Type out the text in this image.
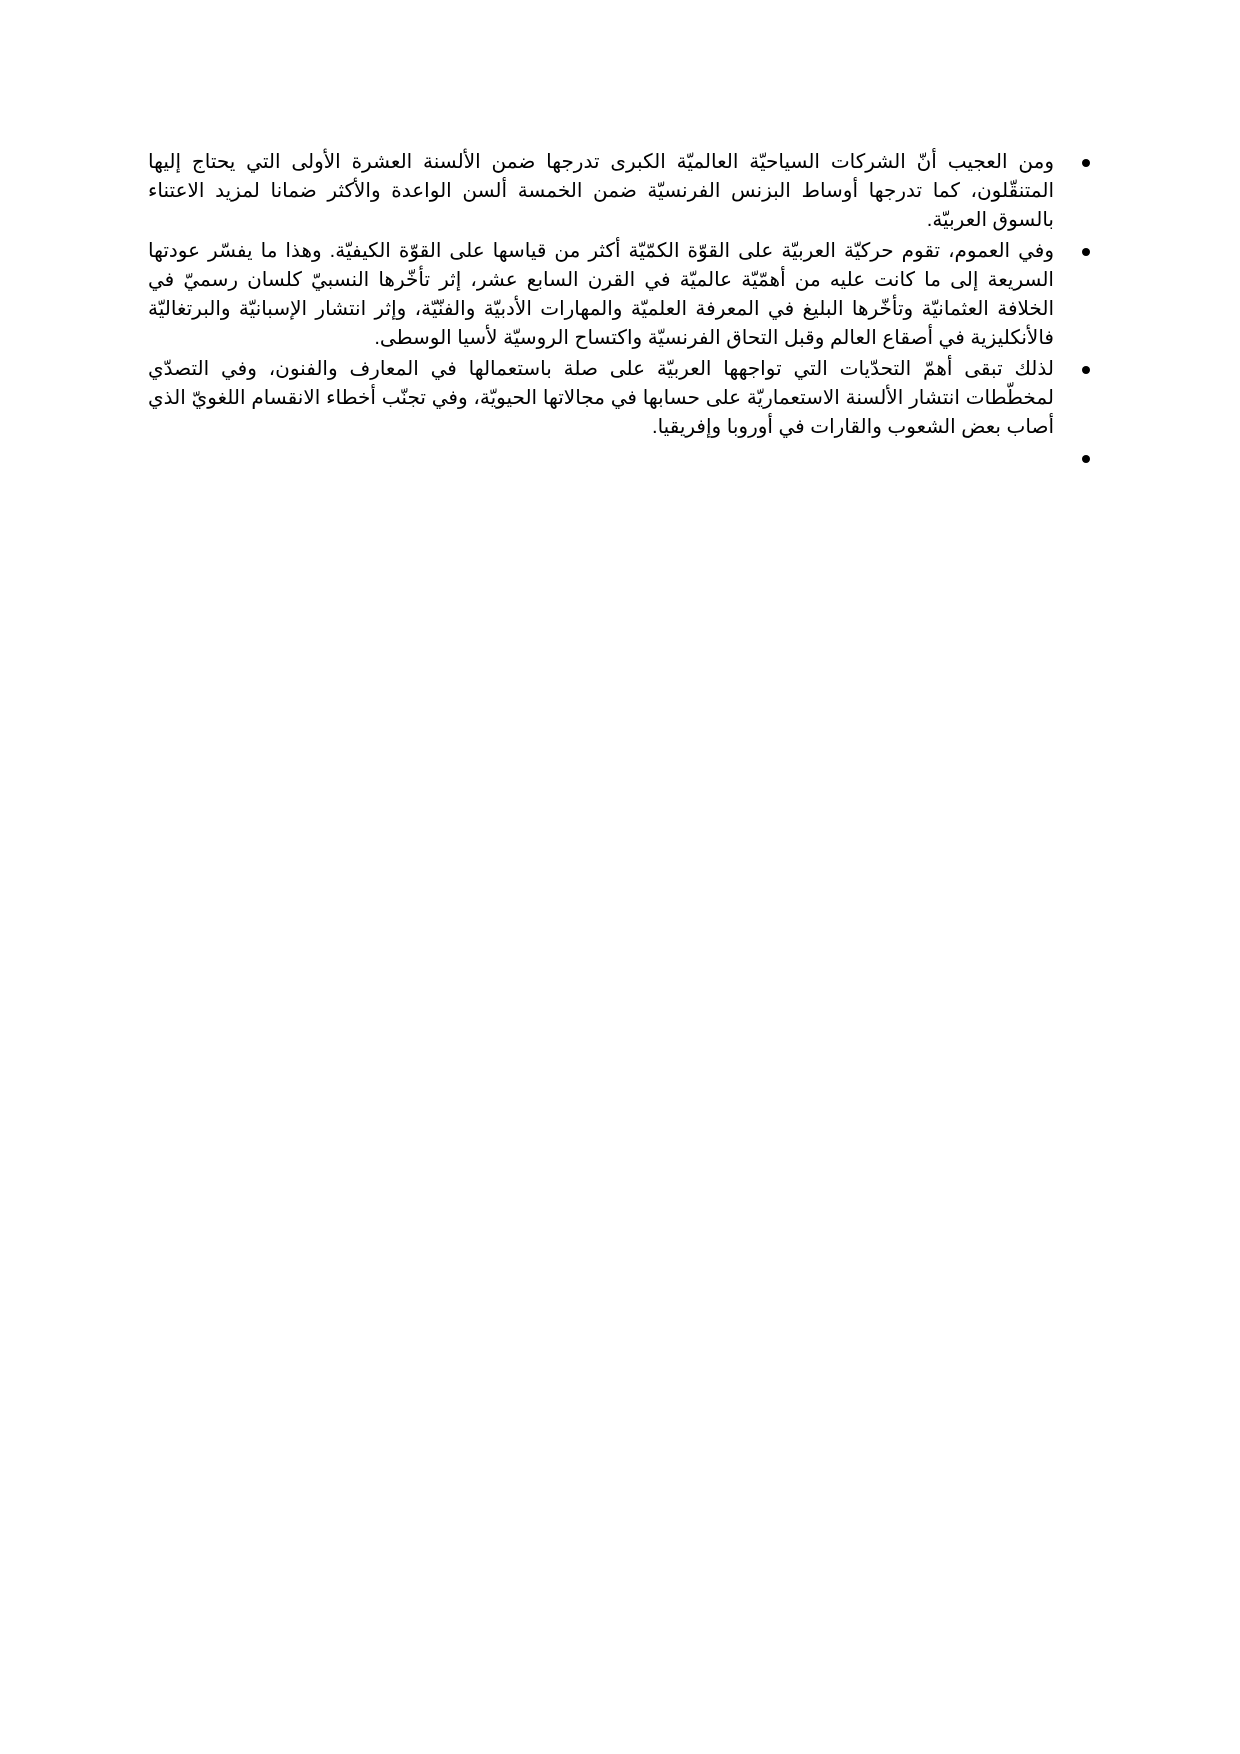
ومن العجيب أنّ الشركات السياحيّة العالميّة الكبرى تدرجها ضمن الألسنة العشرة الأولى التي يحتاج إليها المتنقّلون، كما تدرجها أوساط البزنس الفرنسيّة ضمن الخمسة ألسن الواعدة والأكثر ضمانا لمزيد الاعتناء بالسوق العربيّة.
وفي العموم، تقوم حركيّة العربيّة على القوّة الكمّيّة أكثر من قياسها على القوّة الكيفيّة. وهذا ما يفسّر عودتها السريعة إلى ما كانت عليه من أهمّيّة عالميّة في القرن السابع عشر، إثر تأخّرها النسبيّ كلسان رسميّ في الخلافة العثمانيّة وتأخّرها البليغ في المعرفة العلميّة والمهارات الأدبيّة والفنّيّة، وإثر انتشار الإسبانيّة والبرتغاليّة فالأنكليزية في أصقاع العالم وقبل التحاق الفرنسيّة واكتساح الروسيّة لأسيا الوسطى.
لذلك تبقى أهمّ التحدّيات التي تواجهها العربيّة على صلة باستعمالها في المعارف والفنون، وفي التصدّي لمخطّطات انتشار الألسنة الاستعماريّة على حسابها في مجالاتها الحيويّة، وفي تجنّب أخطاء الانقسام اللغويّ الذي أصاب بعض الشعوب والقارات في أوروبا وإفريقيا.
